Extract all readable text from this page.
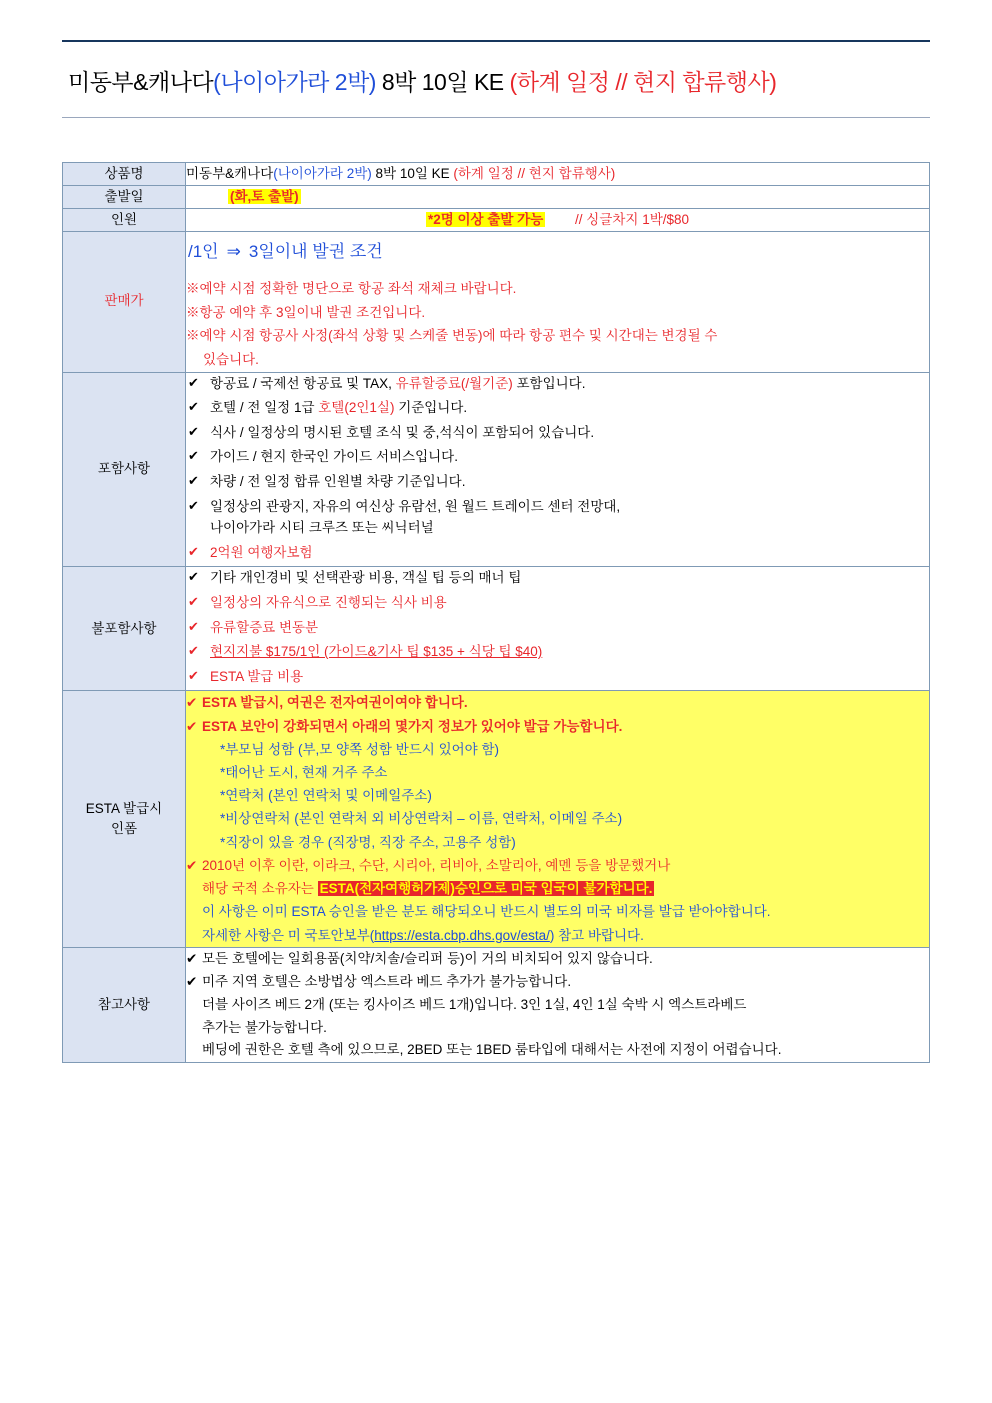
미동부&캐나다(나이아가라 2박) 8박 10일 KE (하계 일정 // 현지 합류행사)
상품명	미동부&캐나다(나이아가라 2박) 8박 10일 KE (하계 일정 // 현지 합류행사)
출발일	(화,토 출발)

인원	*2명 이상 출발 가능 // 싱글차지 1박/$80
판매가	/1인 ⇒ 3일이내 발권 조건
※예약 시점 정확한 명단으로 항공 좌석 재체크 바랍니다.
※항공 예약 후 3일이내 발권 조건입니다.
※예약 시점 항공사 사정(좌석 상황 및 스케줄 변동)에 따라 항공 편수 및 시간대는 변경될 수
있습니다.

포함사항	
✔ 항공료 / 국제선 항공료 및 TAX, 유류할증료(/월기준) 포함입니다.
✔ 호텔 / 전 일정 1급 호텔(2인1실) 기준입니다.
✔ 식사 / 일정상의 명시된 호텔 조식 및 중,석식이 포함되어 있습니다.
✔ 가이드 / 현지 한국인 가이드 서비스입니다.
✔ 차량 / 전 일정 합류 인원별 차량 기준입니다.
✔ 일정상의 관광지, 자유의 여신상 유람선, 원 월드 트레이드 센터 전망대,
나이아가라 시티 크루즈 또는 씨닉터널
✔ 2억원 여행자보험

불포함사항	
✔ 기타 개인경비 및 선택관광 비용, 객실 팁 등의 매너 팁
✔ 일정상의 자유식으로 진행되는 식사 비용
✔ 유류할증료 변동분
✔ 현지지불 $175/1인 (가이드&기사 팁 $135 + 식당 팁 $40)
✔ ESTA 발급 비용

ESTA 발급시
인폼

✔ ESTA 발급시, 여권은 전자여권이여야 합니다.
✔ ESTA 보안이 강화되면서 아래의 몇가지 정보가 있어야 발급 가능합니다.
*부모님 성함 (부,모 양쪽 성함 반드시 있어야 함)
*태어난 도시, 현재 거주 주소
*연락처 (본인 연락처 및 이메일주소)
*비상연락처 (본인 연락처 외 비상연락처 – 이름, 연락처, 이메일 주소)
*직장이 있을 경우 (직장명, 직장 주소, 고용주 성함)
✔ 2010년 이후 이란, 이라크, 수단, 시리아, 리비아, 소말리아, 예멘 등을 방문했거나
해당 국적 소유자는 ESTA(전자여행허가제)승인으로 미국 입국이 불가합니다.
이 사항은 이미 ESTA 승인을 받은 분도 해당되오니 반드시 별도의 미국 비자를 발급 받아야합니다.
자세한 사항은 미 국토안보부(https://esta.cbp.dhs.gov/esta/) 참고 바랍니다.

참고사항	
✔ 모든 호텔에는 일회용품(치약/치솔/슬리퍼 등)이 거의 비치되어 있지 않습니다.
✔ 미주 지역 호텔은 소방법상 엑스트라 베드 추가가 불가능합니다.
더블 사이즈 베드 2개 (또는 킹사이즈 베드 1개)입니다. 3인 1실, 4인 1실 숙박 시 엑스트라베드
추가는 불가능합니다.
베딩에 권한은 호텔 측에 있으므로, 2BED 또는 1BED 룸타입에 대해서는 사전에 지정이 어렵습니다.
